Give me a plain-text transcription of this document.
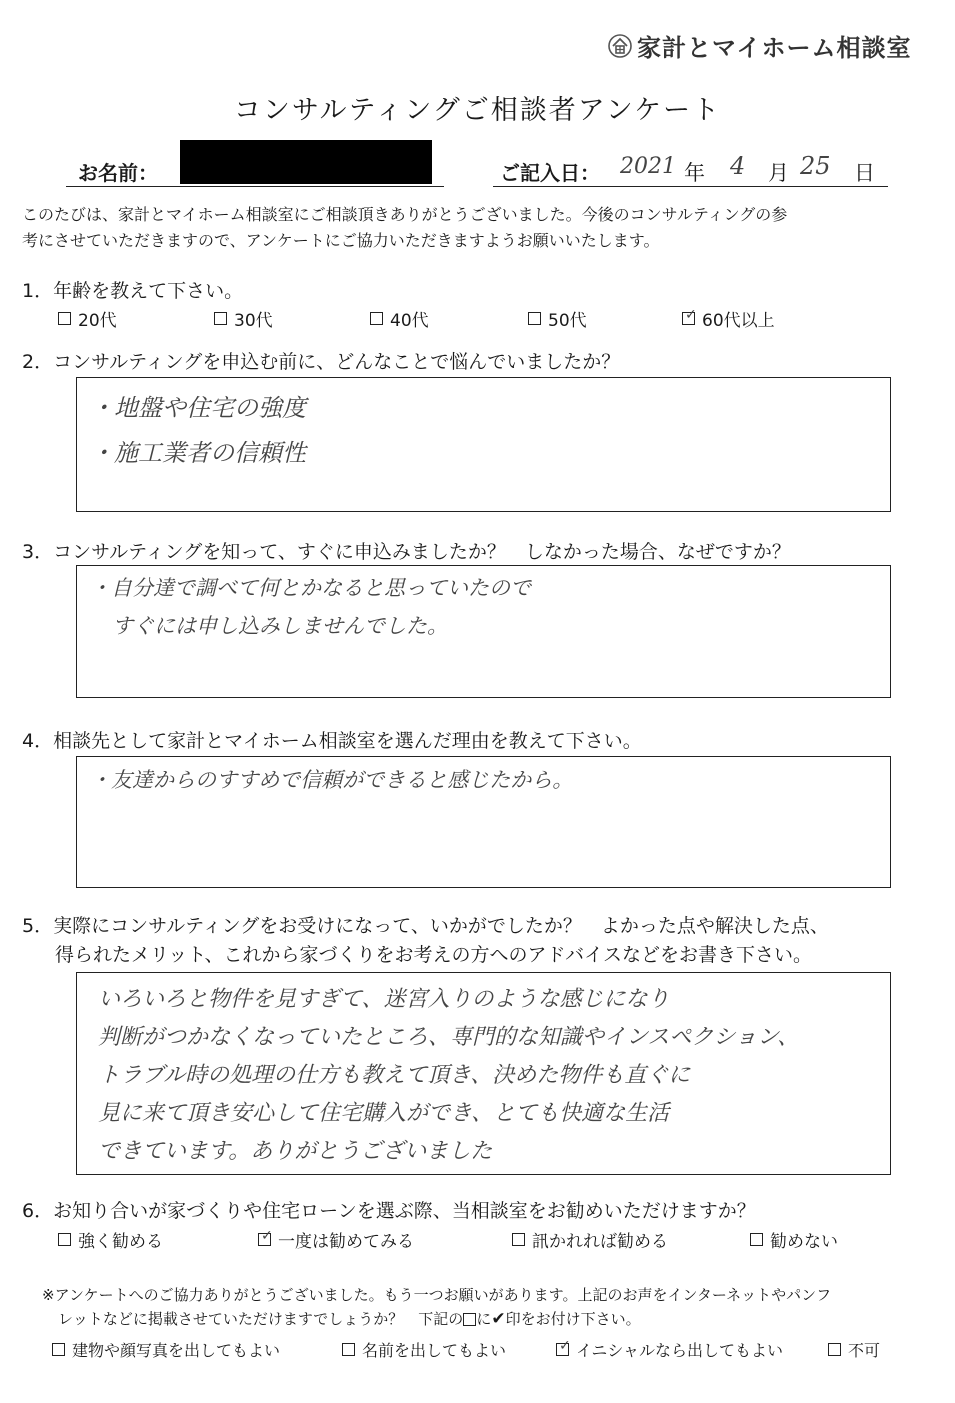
家計とマイホーム相談室
コンサルティングご相談者アンケート
お名前：	ご記入日： 2021 年 4 月 25 日
このたびは、家計とマイホーム相談室にご相談頂きありがとうございました。今後のコンサルティングの参
考にさせていただきますので、アンケートにご協力いただきますようお願いいたします。
1．年齢を教えて下さい。
20代	30代	40代	50代	✓ 60代以上
2．コンサルティングを申込む前に、どんなことで悩んでいましたか？
・地盤や住宅の強度
・施工業者の信頼性
3．コンサルティングを知って、すぐに申込みましたか？　しなかった場合、なぜですか？
・自分達で調べて何とかなると思っていたので
すぐには申し込みしませんでした。
4．相談先として家計とマイホーム相談室を選んだ理由を教えて下さい。
・友達からのすすめで信頼ができると感じたから。
5．実際にコンサルティングをお受けになって、いかがでしたか？　よかった点や解決した点、
得られたメリット、これから家づくりをお考えの方へのアドバイスなどをお書き下さい。
いろいろと物件を見すぎて、迷宮入りのような感じになり
判断がつかなくなっていたところ、専門的な知識やインスペクション、
トラブル時の処理の仕方も教えて頂き、決めた物件も直ぐに
見に来て頂き安心して住宅購入ができ、とても快適な生活
できています。ありがとうございました
6．お知り合いが家づくりや住宅ローンを選ぶ際、当相談室をお勧めいただけますか？
強く勧める	✓ 一度は勧めてみる	訊かれれば勧める	勧めない
※アンケートへのご協力ありがとうございました。もう一つお願いがあります。上記のお声をインターネットやパンフ
レットなどに掲載させていただけますでしょうか？　下記の に✔印をお付け下さい。
建物や顔写真を出してもよい	名前を出してもよい	✓ イニシャルなら出してもよい	不可
